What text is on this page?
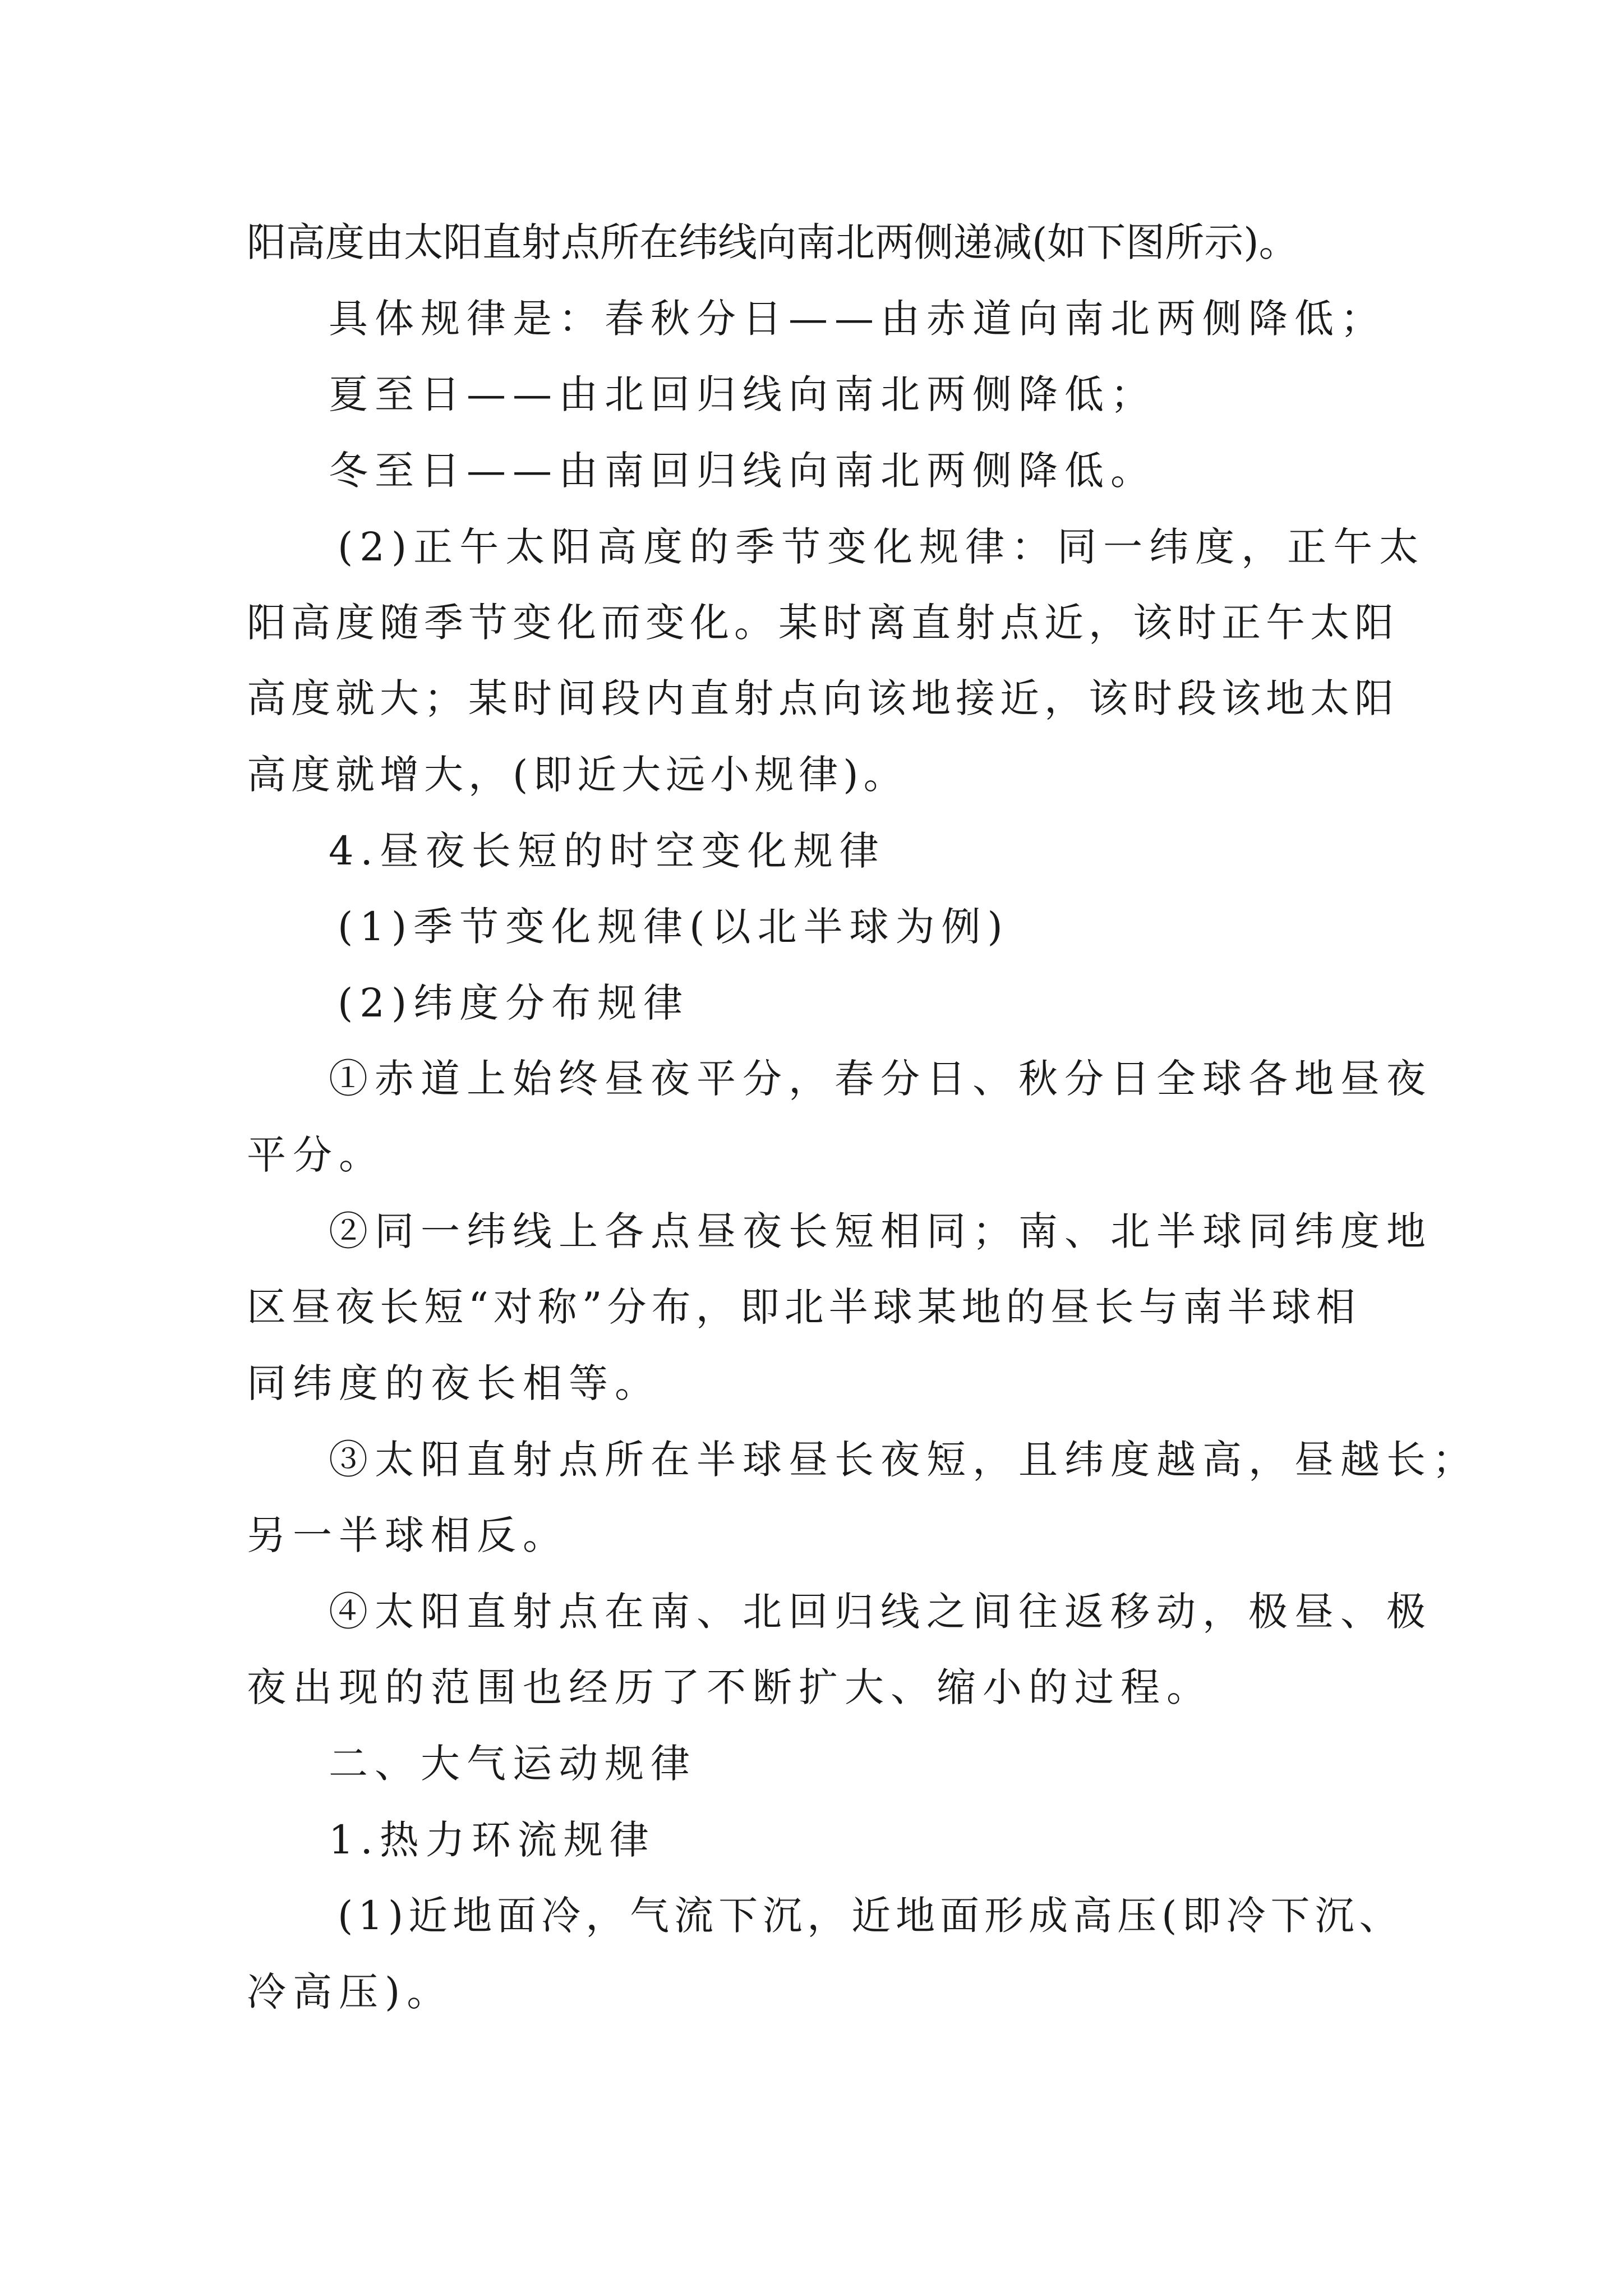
阳高度由太阳直射点所在纬线向南北两侧递减(如下图所示)。

具体规律是：春秋分日——由赤道向南北两侧降低；

夏至日——由北回归线向南北两侧降低；

冬至日——由南回归线向南北两侧降低。

(2)正午太阳高度的季节变化规律：同一纬度，正午太

阳高度随季节变化而变化。某时离直射点近，该时正午太阳

高度就大；某时间段内直射点向该地接近，该时段该地太阳

高度就增大，(即近大远小规律)。

4.昼夜长短的时空变化规律

(1)季节变化规律(以北半球为例)

(2)纬度分布规律

①赤道上始终昼夜平分，春分日、秋分日全球各地昼夜

平分。

②同一纬线上各点昼夜长短相同；南、北半球同纬度地

区昼夜长短“对称”分布，即北半球某地的昼长与南半球相

同纬度的夜长相等。

③太阳直射点所在半球昼长夜短，且纬度越高，昼越长；

另一半球相反。

④太阳直射点在南、北回归线之间往返移动，极昼、极

夜出现的范围也经历了不断扩大、缩小的过程。

二、大气运动规律

1.热力环流规律

(1)近地面冷，气流下沉，近地面形成高压(即冷下沉、

冷高压)。
